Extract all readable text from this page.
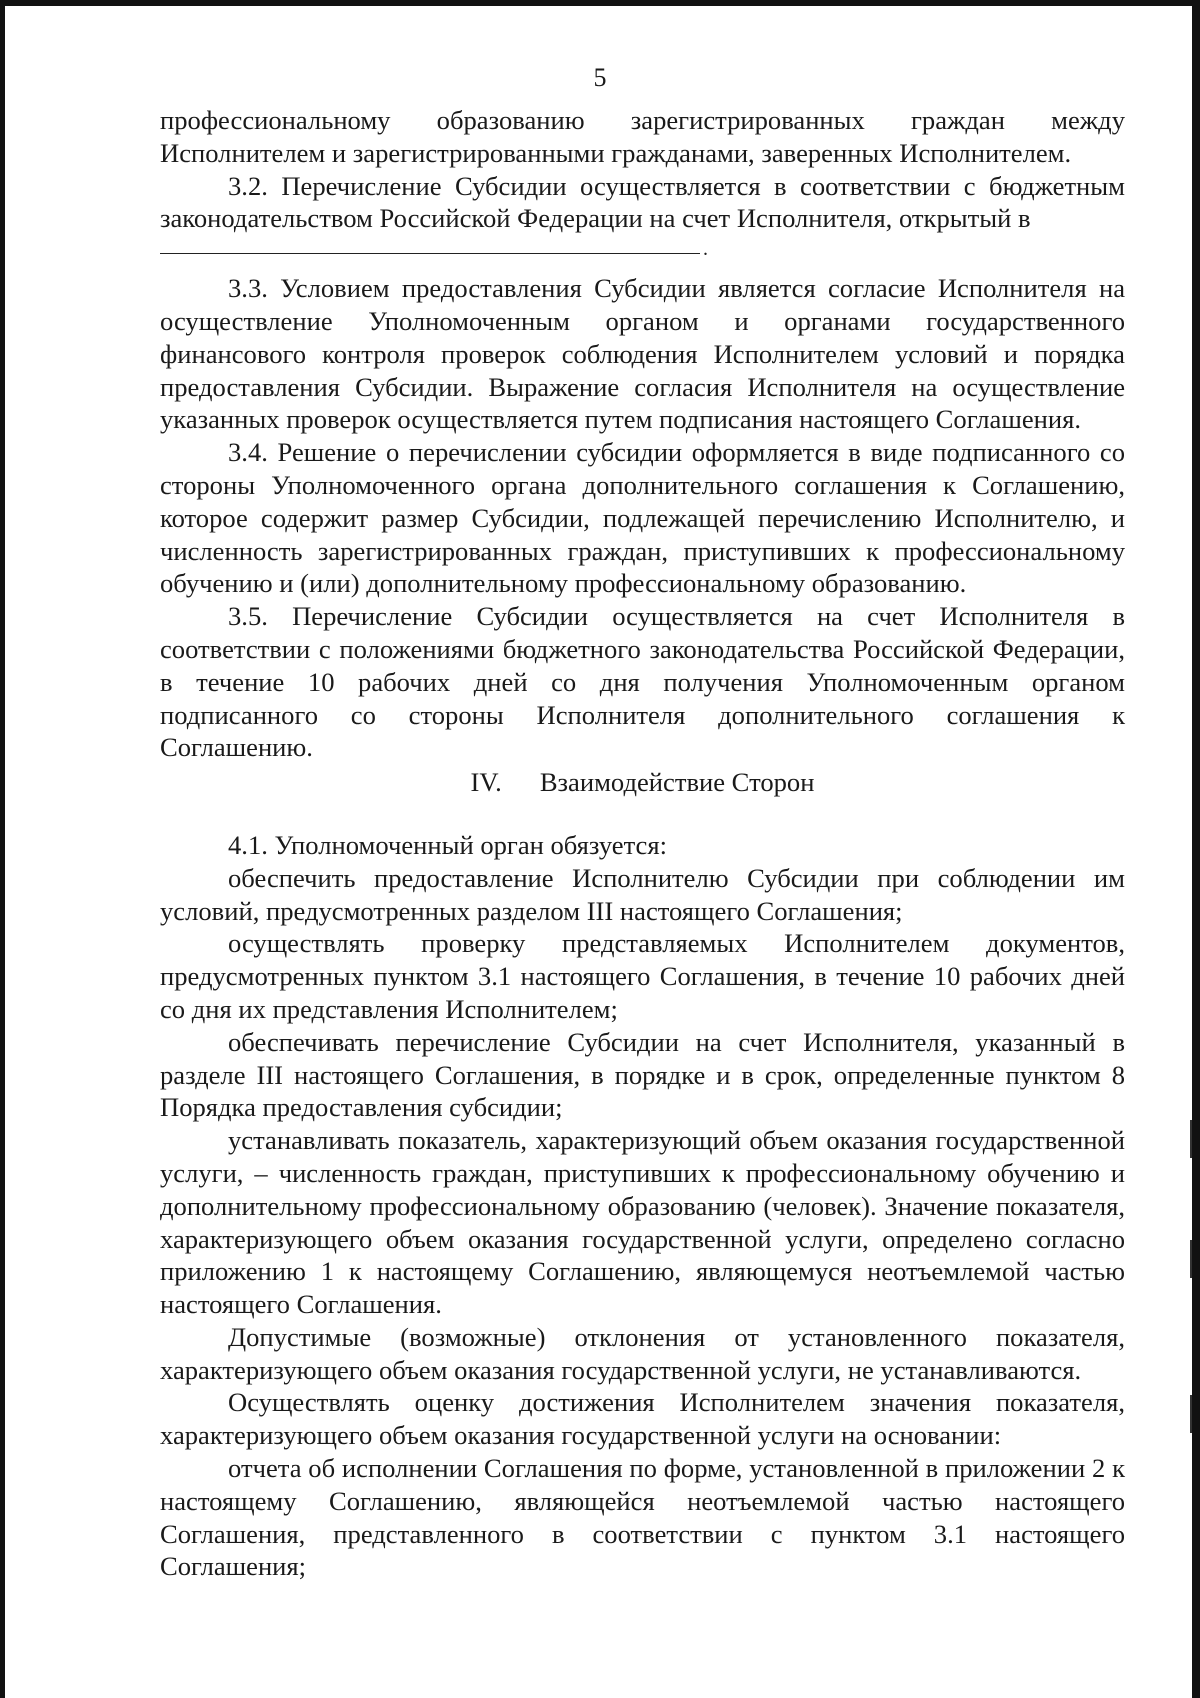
5

профессиональному образованию зарегистрированных граждан между
Исполнителем и зарегистрированными гражданами, заверенных Исполнителем.

3.2. Перечисление Субсидии осуществляется в соответствии с бюджетным законодательством Российской Федерации на счет Исполнителя, открытый в

.

3.3. Условием предоставления Субсидии является согласие Исполнителя на осуществление Уполномоченным органом и органами государственного финансового контроля проверок соблюдения Исполнителем условий и порядка предоставления Субсидии. Выражение согласия Исполнителя на осуществление указанных проверок осуществляется путем подписания настоящего Соглашения.

3.4. Решение о перечислении субсидии оформляется в виде подписанного со стороны Уполномоченного органа дополнительного соглашения к Соглашению, которое содержит размер Субсидии, подлежащей перечислению Исполнителю, и численность зарегистрированных граждан, приступивших к профессиональному обучению и (или) дополнительному профессиональному образованию.

3.5. Перечисление Субсидии осуществляется на счет Исполнителя в соответствии с положениями бюджетного законодательства Российской Федерации, в течение 10 рабочих дней со дня получения Уполномоченным органом подписанного со стороны Исполнителя дополнительного соглашения к Соглашению.

IV. Взаимодействие Сторон

4.1. Уполномоченный орган обязуется:

обеспечить предоставление Исполнителю Субсидии при соблюдении им условий, предусмотренных разделом III настоящего Соглашения;

осуществлять проверку представляемых Исполнителем документов, предусмотренных пунктом 3.1 настоящего Соглашения, в течение 10 рабочих дней со дня их представления Исполнителем;

обеспечивать перечисление Субсидии на счет Исполнителя, указанный в разделе III настоящего Соглашения, в порядке и в срок, определенные пунктом 8 Порядка предоставления субсидии;

устанавливать показатель, характеризующий объем оказания государственной услуги, – численность граждан, приступивших к профессиональному обучению и дополнительному профессиональному образованию (человек). Значение показателя, характеризующего объем оказания государственной услуги, определено согласно приложению 1 к настоящему Соглашению, являющемуся неотъемлемой частью настоящего Соглашения.

Допустимые (возможные) отклонения от установленного показателя, характеризующего объем оказания государственной услуги, не устанавливаются.

Осуществлять оценку достижения Исполнителем значения показателя, характеризующего объем оказания государственной услуги на основании:

отчета об исполнении Соглашения по форме, установленной в приложении 2 к настоящему Соглашению, являющейся неотъемлемой частью настоящего Соглашения, представленного в соответствии с пунктом 3.1 настоящего Соглашения;
